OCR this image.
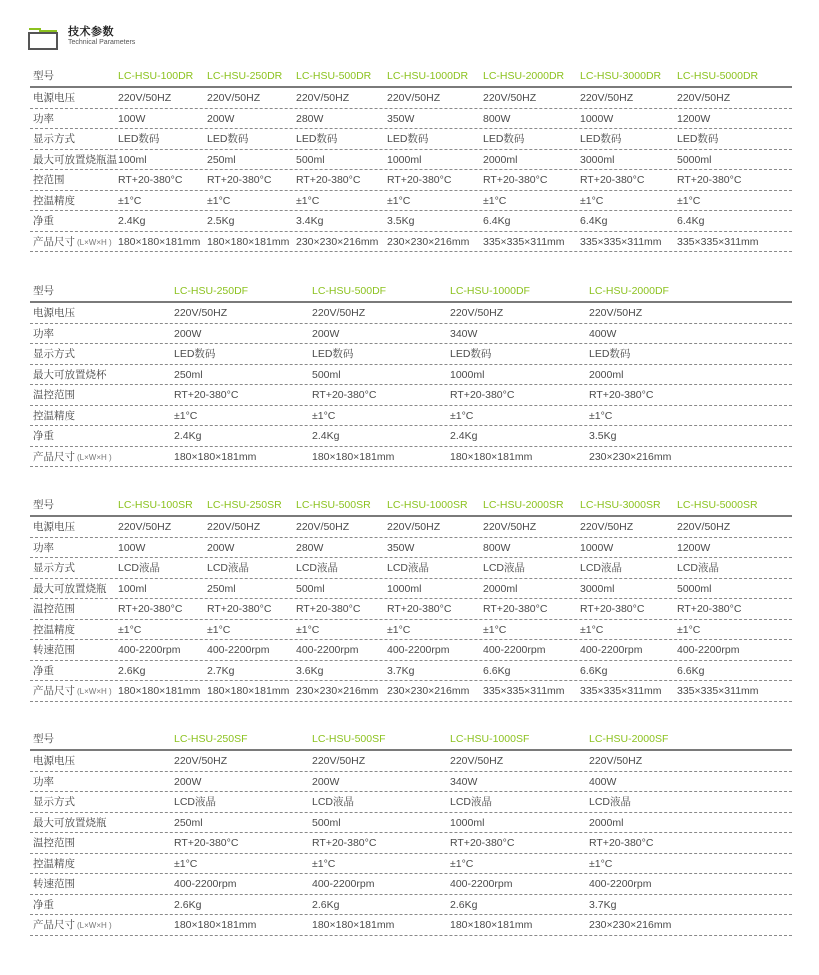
技术参数
Technical Parameters
型号	LC-HSU-100DR LC-HSU-250DR LC-HSU-500DR LC-HSU-1000DR LC-HSU-2000DR LC-HSU-3000DR LC-HSU-5000DR
电源电压	220V/50HZ	220V/50HZ	220V/50HZ	220V/50HZ	220V/50HZ	220V/50HZ	220V/50HZ
功率	100W	200W	280W	350W	800W	1000W	1200W
显示方式	LED数码	LED数码	LED数码	LED数码	LED数码	LED数码	LED数码
最大可放置烧瓶温 100ml	250ml	500ml	1000ml	2000ml	3000ml	5000ml
控范围	RT+20-380°C RT+20-380°C RT+20-380°C	RT+20-380°C	RT+20-380°C	RT+20-380°C	RT+20-380°C
控温精度	±1°C	±1°C	±1°C	±1°C	±1°C	±1°C	±1°C
净重	2.4Kg	2.5Kg	3.4Kg	3.5Kg	6.4Kg	6.4Kg	6.4Kg
产品尺寸 (L×W×H ) 180×180×181mm 180×180×181mm 230×230×216mm 230×230×216mm 335×335×311mm 335×335×311mm 335×335×311mm
型号	LC-HSU-250DF	LC-HSU-500DF	LC-HSU-1000DF	LC-HSU-2000DF
电源电压	220V/50HZ	220V/50HZ	220V/50HZ	220V/50HZ
功率	200W	200W	340W	400W
显示方式	LED数码	LED数码	LED数码	LED数码
最大可放置烧杯	250ml	500ml	1000ml	2000ml
温控范围	RT+20-380°C	RT+20-380°C	RT+20-380°C	RT+20-380°C
控温精度	±1°C	±1°C	±1°C	±1°C
净重	2.4Kg	2.4Kg	2.4Kg	3.5Kg
产品尺寸 (L×W×H )	180×180×181mm	180×180×181mm	180×180×181mm	230×230×216mm
型号	LC-HSU-100SR LC-HSU-250SR LC-HSU-500SR LC-HSU-1000SR LC-HSU-2000SR LC-HSU-3000SR LC-HSU-5000SR
电源电压	220V/50HZ	220V/50HZ	220V/50HZ	220V/50HZ	220V/50HZ	220V/50HZ	220V/50HZ
功率	100W	200W	280W	350W	800W	1000W	1200W
显示方式	LCD液晶	LCD液晶	LCD液晶	LCD液晶	LCD液晶	LCD液晶	LCD液晶
最大可放置烧瓶 100ml	250ml	500ml	1000ml	2000ml	3000ml	5000ml
温控范围	RT+20-380°C RT+20-380°C RT+20-380°C	RT+20-380°C	RT+20-380°C	RT+20-380°C	RT+20-380°C
控温精度	±1°C	±1°C	±1°C	±1°C	±1°C	±1°C	±1°C
转速范围	400-2200rpm	400-2200rpm	400-2200rpm	400-2200rpm	400-2200rpm	400-2200rpm	400-2200rpm
净重	2.6Kg	2.7Kg	3.6Kg	3.7Kg	6.6Kg	6.6Kg	6.6Kg
产品尺寸 (L×W×H ) 180×180×181mm 180×180×181mm 230×230×216mm 230×230×216mm 335×335×311mm 335×335×311mm 335×335×311mm
型号	LC-HSU-250SF	LC-HSU-500SF	LC-HSU-1000SF	LC-HSU-2000SF
电源电压	220V/50HZ	220V/50HZ	220V/50HZ	220V/50HZ
功率	200W	200W	340W	400W
显示方式	LCD液晶	LCD液晶	LCD液晶	LCD液晶
最大可放置烧瓶	250ml	500ml	1000ml	2000ml
温控范围	RT+20-380°C	RT+20-380°C	RT+20-380°C	RT+20-380°C
控温精度	±1°C	±1°C	±1°C	±1°C
转速范围	400-2200rpm	400-2200rpm	400-2200rpm	400-2200rpm
净重	2.6Kg	2.6Kg	2.6Kg	3.7Kg
产品尺寸 (L×W×H )	180×180×181mm	180×180×181mm	180×180×181mm	230×230×216mm
